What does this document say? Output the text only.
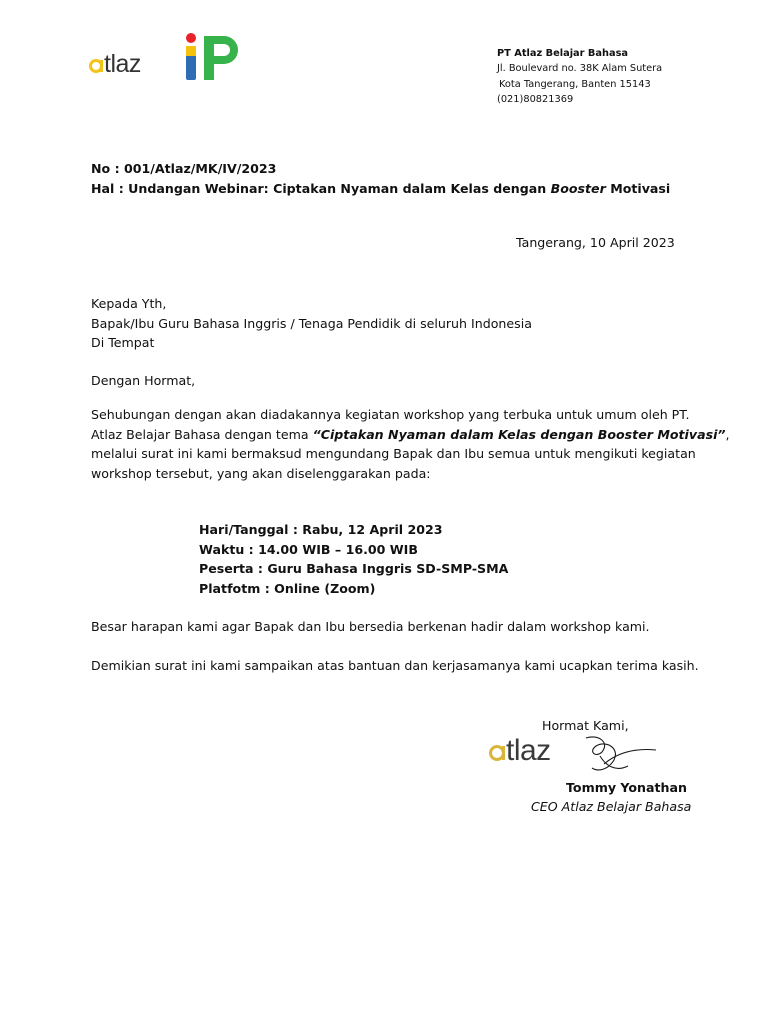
tlaz	PT Atlaz Belajar Bahasa
Jl. Boulevard no. 38K Alam Sutera
Kota Tangerang, Banten 15143
(021)80821369
No : 001/Atlaz/MK/IV/2023
Hal : Undangan Webinar: Ciptakan Nyaman dalam Kelas dengan Booster Motivasi
Tangerang, 10 April 2023
Kepada Yth,
Bapak/Ibu Guru Bahasa Inggris / Tenaga Pendidik di seluruh Indonesia
Di Tempat
Dengan Hormat,
Sehubungan dengan akan diadakannya kegiatan workshop yang terbuka untuk umum oleh PT.
Atlaz Belajar Bahasa dengan tema “Ciptakan Nyaman dalam Kelas dengan Booster Motivasi”,
melalui surat ini kami bermaksud mengundang Bapak dan Ibu semua untuk mengikuti kegiatan
workshop tersebut, yang akan diselenggarakan pada:
Hari/Tanggal : Rabu, 12 April 2023
Waktu : 14.00 WIB – 16.00 WIB
Peserta : Guru Bahasa Inggris SD-SMP-SMA
Platfotm : Online (Zoom)
Besar harapan kami agar Bapak dan Ibu bersedia berkenan hadir dalam workshop kami.
Demikian surat ini kami sampaikan atas bantuan dan kerjasamanya kami ucapkan terima kasih.
Hormat Kami,
tlaz
Tommy Yonathan
CEO Atlaz Belajar Bahasa
